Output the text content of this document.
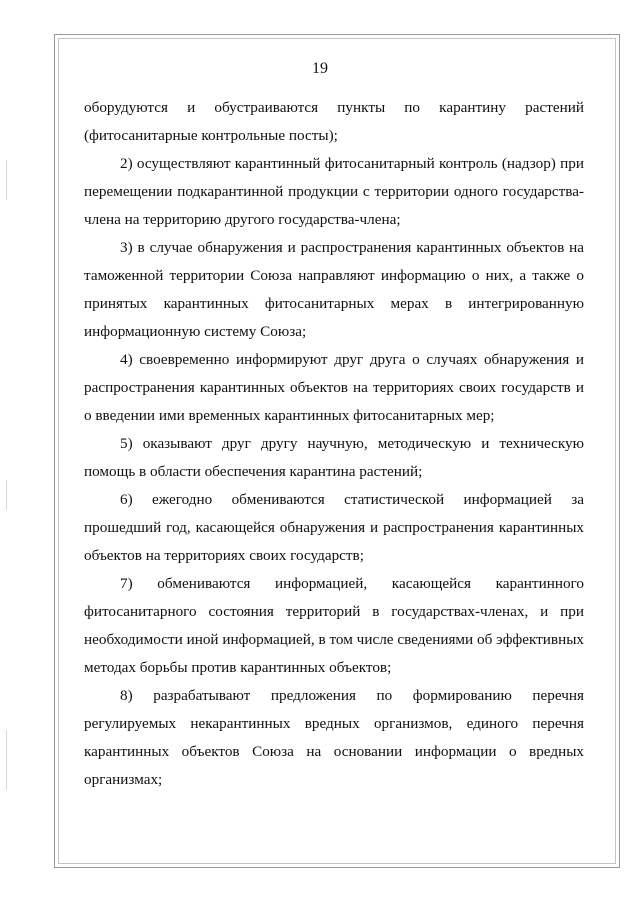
19

оборудуются и обустраиваются пункты по карантину растений (фитосанитарные контрольные посты);

2) осуществляют карантинный фитосанитарный контроль (надзор) при перемещении подкарантинной продукции с территории одного государства-члена на территорию другого государства-члена;

3) в случае обнаружения и распространения карантинных объектов на таможенной территории Союза направляют информацию о них, а также о принятых карантинных фитосанитарных мерах в интегрированную информационную систему Союза;

4) своевременно информируют друг друга о случаях обнаружения и распространения карантинных объектов на территориях своих государств и о введении ими временных карантинных фитосанитарных мер;

5) оказывают друг другу научную, методическую и техническую помощь в области обеспечения карантина растений;

6) ежегодно обмениваются статистической информацией за прошедший год, касающейся обнаружения и распространения карантинных объектов на территориях своих государств;

7) обмениваются информацией, касающейся карантинного фитосанитарного состояния территорий в государствах-членах, и при необходимости иной информацией, в том числе сведениями об эффективных методах борьбы против карантинных объектов;

8) разрабатывают предложения по формированию перечня регулируемых некарантинных вредных организмов, единого перечня карантинных объектов Союза на основании информации о вредных организмах;
